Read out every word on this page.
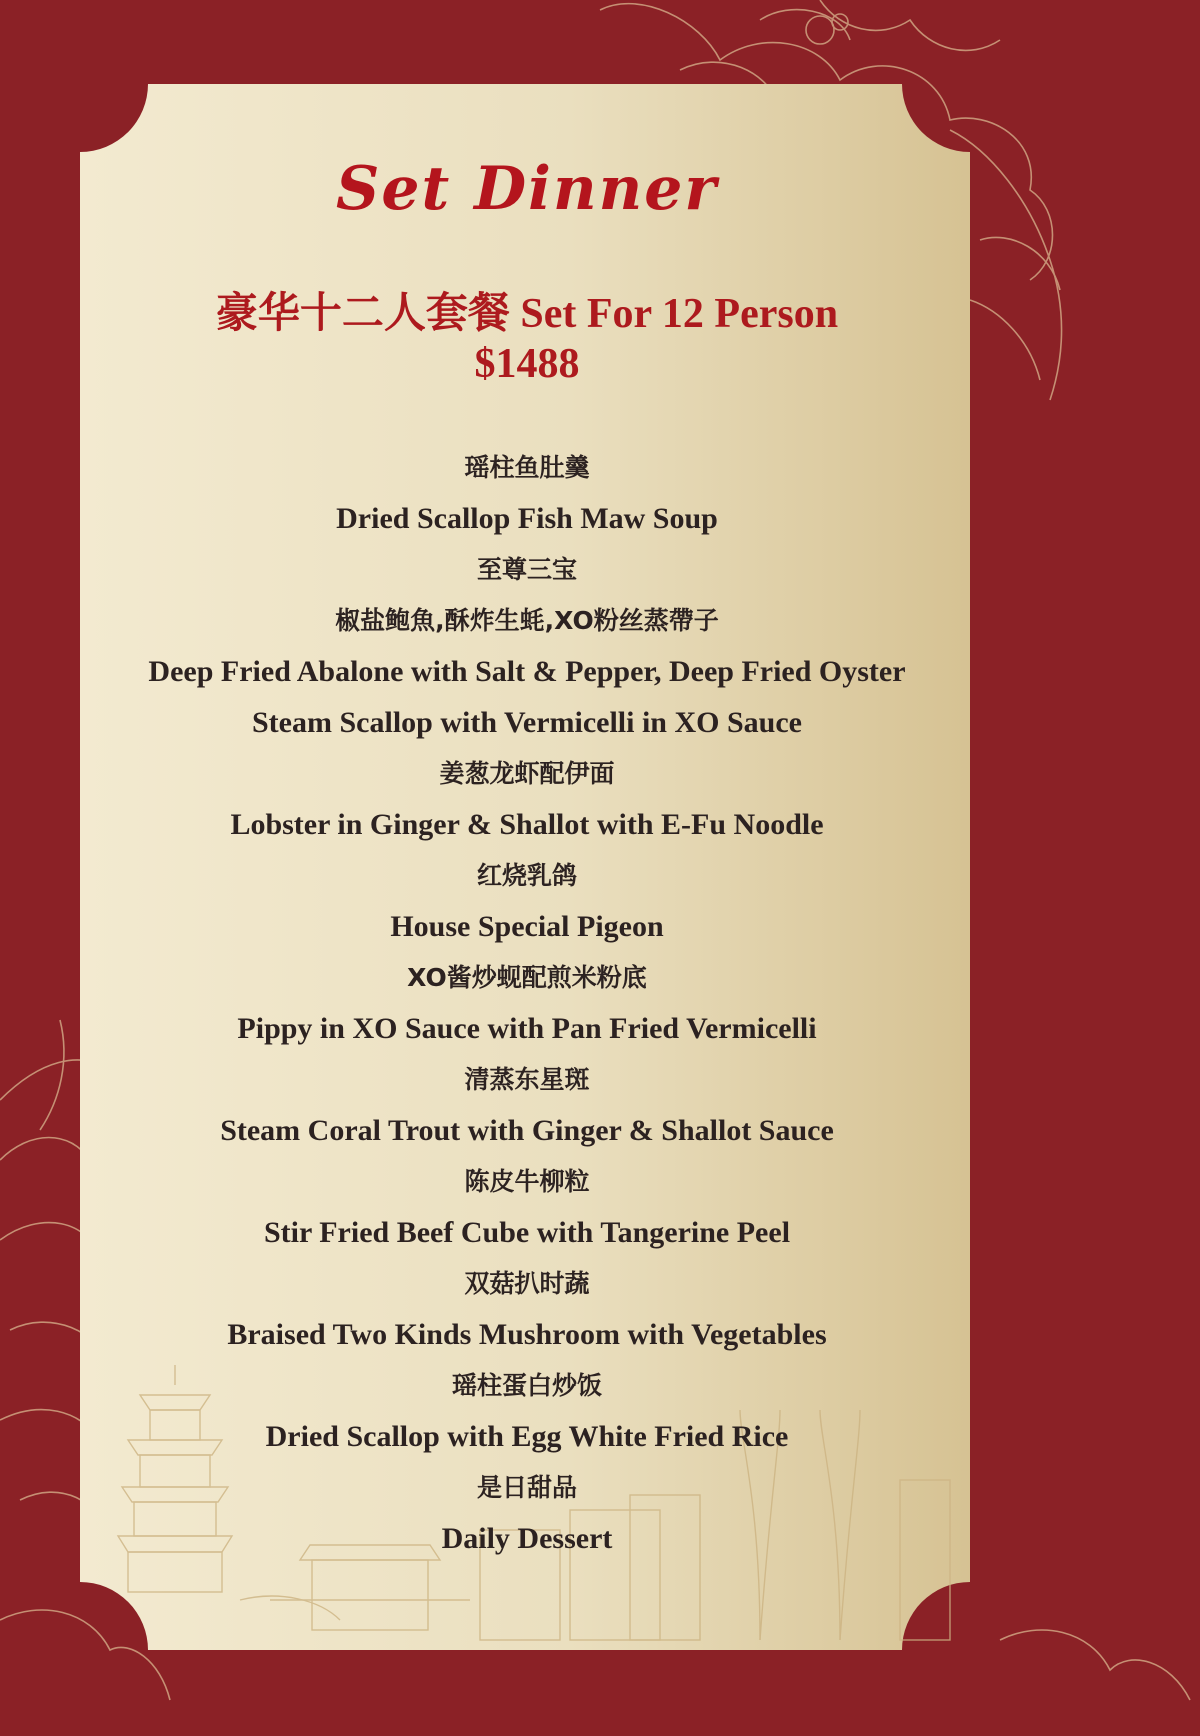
Set Dinner
豪华十二人套餐 Set For 12 Person
$1488
瑶柱鱼肚羹
Dried Scallop Fish Maw Soup
至尊三宝
椒盐鲍魚,酥炸生蚝,XO粉丝蒸帶子
Deep Fried Abalone with Salt & Pepper, Deep Fried Oyster
Steam Scallop with Vermicelli in XO Sauce
姜葱龙虾配伊面
Lobster in Ginger & Shallot with E-Fu Noodle
红烧乳鸽
House Special Pigeon
XO酱炒蚬配煎米粉底
Pippy in XO Sauce with Pan Fried Vermicelli
清蒸东星斑
Steam Coral Trout with Ginger & Shallot Sauce
陈皮牛柳粒
Stir Fried Beef Cube with Tangerine Peel
双菇扒时蔬
Braised Two Kinds Mushroom with Vegetables
瑶柱蛋白炒饭
Dried Scallop with Egg White Fried Rice
是日甜品
Daily Dessert
